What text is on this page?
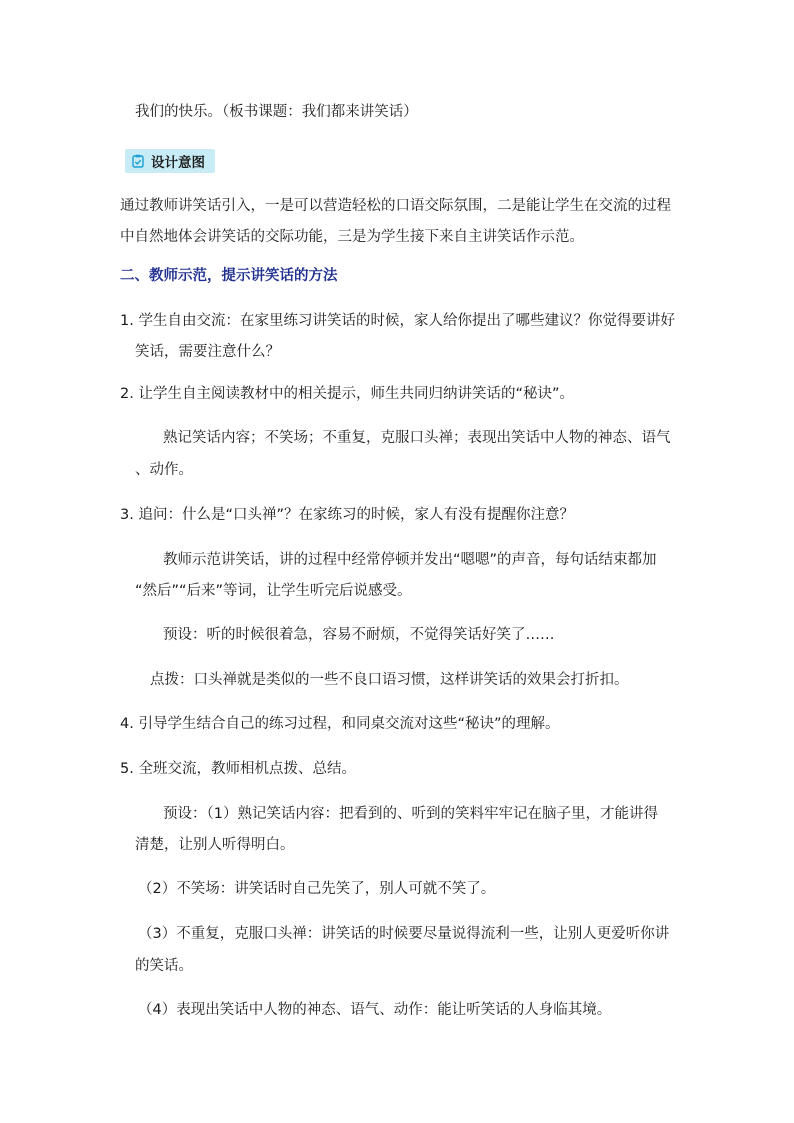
我们的快乐。（板书课题：我们都来讲笑话）
设计意图
通过教师讲笑话引入，一是可以营造轻松的口语交际氛围，二是能让学生在交流的过程
中自然地体会讲笑话的交际功能，三是为学生接下来自主讲笑话作示范。
二、教师示范，提示讲笑话的方法
1. 学生自由交流：在家里练习讲笑话的时候，家人给你提出了哪些建议？你觉得要讲好
笑话，需要注意什么？
2. 让学生自主阅读教材中的相关提示，师生共同归纳讲笑话的“秘诀”。
熟记笑话内容；不笑场；不重复，克服口头禅；表现出笑话中人物的神态、语气
、动作。
3. 追问：什么是“口头禅”？在家练习的时候，家人有没有提醒你注意？
教师示范讲笑话，讲的过程中经常停顿并发出“嗯嗯”的声音，每句话结束都加
“然后”“后来”等词，让学生听完后说感受。
预设：听的时候很着急，容易不耐烦，不觉得笑话好笑了……
点拨：口头禅就是类似的一些不良口语习惯，这样讲笑话的效果会打折扣。
4. 引导学生结合自己的练习过程，和同桌交流对这些“秘诀”的理解。
5. 全班交流，教师相机点拨、总结。
预设：（1）熟记笑话内容：把看到的、听到的笑料牢牢记在脑子里，才能讲得
清楚，让别人听得明白。
（2）不笑场：讲笑话时自己先笑了，别人可就不笑了。
（3）不重复，克服口头禅：讲笑话的时候要尽量说得流利一些，让别人更爱听你讲
的笑话。
（4）表现出笑话中人物的神态、语气、动作：能让听笑话的人身临其境。
